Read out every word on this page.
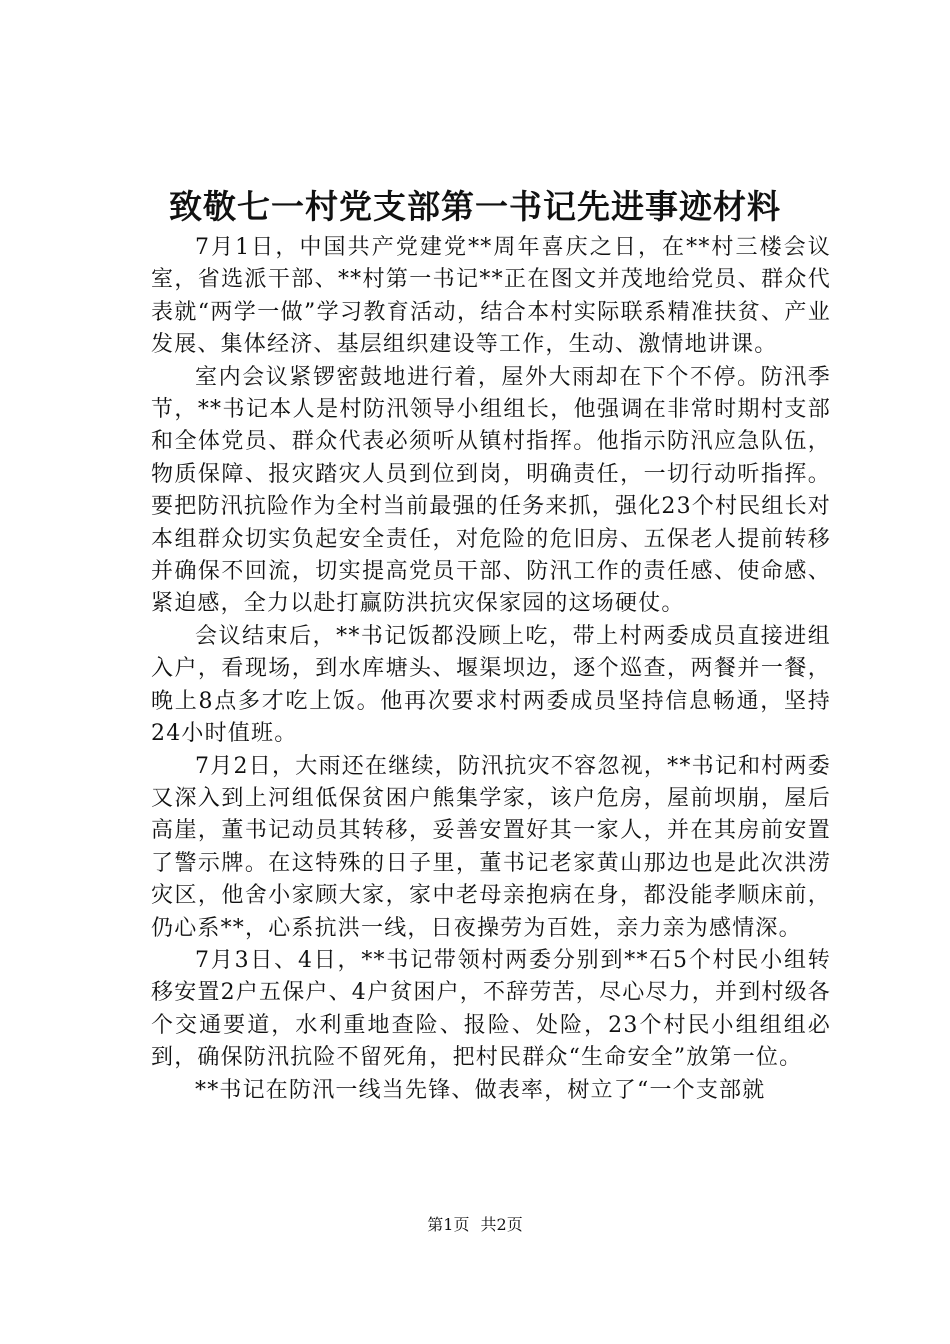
致敬七一村党支部第一书记先进事迹材料

7月1日，中国共产党建党**周年喜庆之日，在**村三楼会议室，省选派干部、**村第一书记**正在图文并茂地给党员、群众代表就“两学一做”学习教育活动，结合本村实际联系精准扶贫、产业发展、集体经济、基层组织建设等工作，生动、激情地讲课。

室内会议紧锣密鼓地进行着，屋外大雨却在下个不停。防汛季节，**书记本人是村防汛领导小组组长，他强调在非常时期村支部和全体党员、群众代表必须听从镇村指挥。他指示防汛应急队伍，物质保障、报灾踏灾人员到位到岗，明确责任，一切行动听指挥。要把防汛抗险作为全村当前最强的任务来抓，强化23个村民组长对本组群众切实负起安全责任，对危险的危旧房、五保老人提前转移并确保不回流，切实提高党员干部、防汛工作的责任感、使命感、紧迫感，全力以赴打赢防洪抗灾保家园的这场硬仗。

会议结束后，**书记饭都没顾上吃，带上村两委成员直接进组入户，看现场，到水库塘头、堰渠坝边，逐个巡查，两餐并一餐，晚上8点多才吃上饭。他再次要求村两委成员坚持信息畅通，坚持24小时值班。

7月2日，大雨还在继续，防汛抗灾不容忽视，**书记和村两委又深入到上河组低保贫困户熊集学家，该户危房，屋前坝崩，屋后高崖，董书记动员其转移，妥善安置好其一家人，并在其房前安置了警示牌。在这特殊的日子里，董书记老家黄山那边也是此次洪涝灾区，他舍小家顾大家，家中老母亲抱病在身，都没能孝顺床前，仍心系**，心系抗洪一线，日夜操劳为百姓，亲力亲为感情深。

7月3日、4日，**书记带领村两委分别到**石5个村民小组转移安置2户五保户、4户贫困户，不辞劳苦，尽心尽力，并到村级各个交通要道，水利重地查险、报险、处险，23个村民小组组组必到，确保防汛抗险不留死角，把村民群众“生命安全”放第一位。

**书记在防汛一线当先锋、做表率，树立了“一个支部就

第1页 共2页
